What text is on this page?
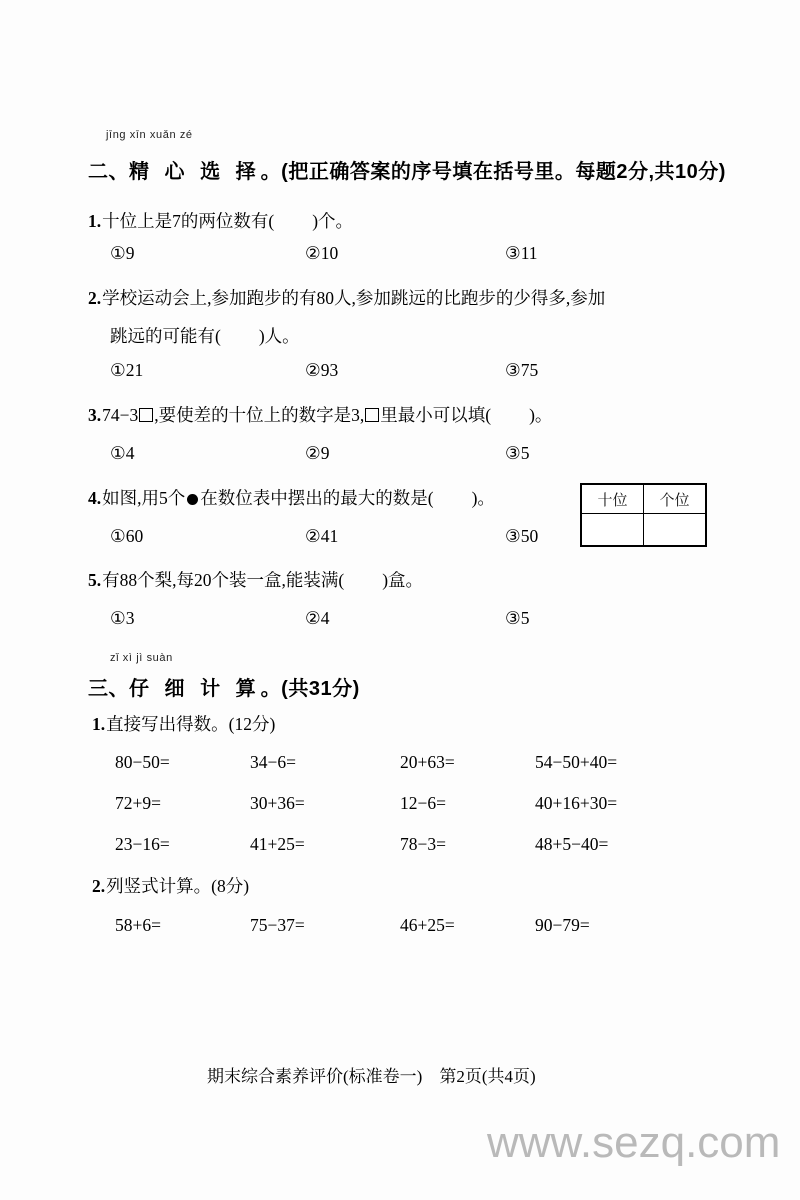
jīng xīn xuǎn zé
二、精 心 选 择。(把正确答案的序号填在括号里。每题2分,共10分)
1.十位上是7的两位数有( )个。
①9	②10	③11
2.学校运动会上,参加跑步的有80人,参加跳远的比跑步的少得多,参加
跳远的可能有( )人。
①21	②93	③75
3.74−3 ,要使差的十位上的数字是3, 里最小可以填( )。
①4	②9	③5
4.如图,用5个 在数位表中摆出的最大的数是( )。
①60	②41	③50
十位	个位

5.有88个梨,每20个装一盒,能装满( )盒。
①3	②4	③5
zǐ xì jì suàn
三、仔 细 计 算。(共31分)
1.直接写出得数。(12分)
80−50=	34−6=	20+63=	54−50+40=
72+9=	30+36=	12−6=	40+16+30=
23−16=	41+25=	78−3=	48+5−40=
2.列竖式计算。(8分)
58+6=	75−37=	46+25=	90−79=
期末综合素养评价(标准卷一)　第2页(共4页)
www.sezq.com
